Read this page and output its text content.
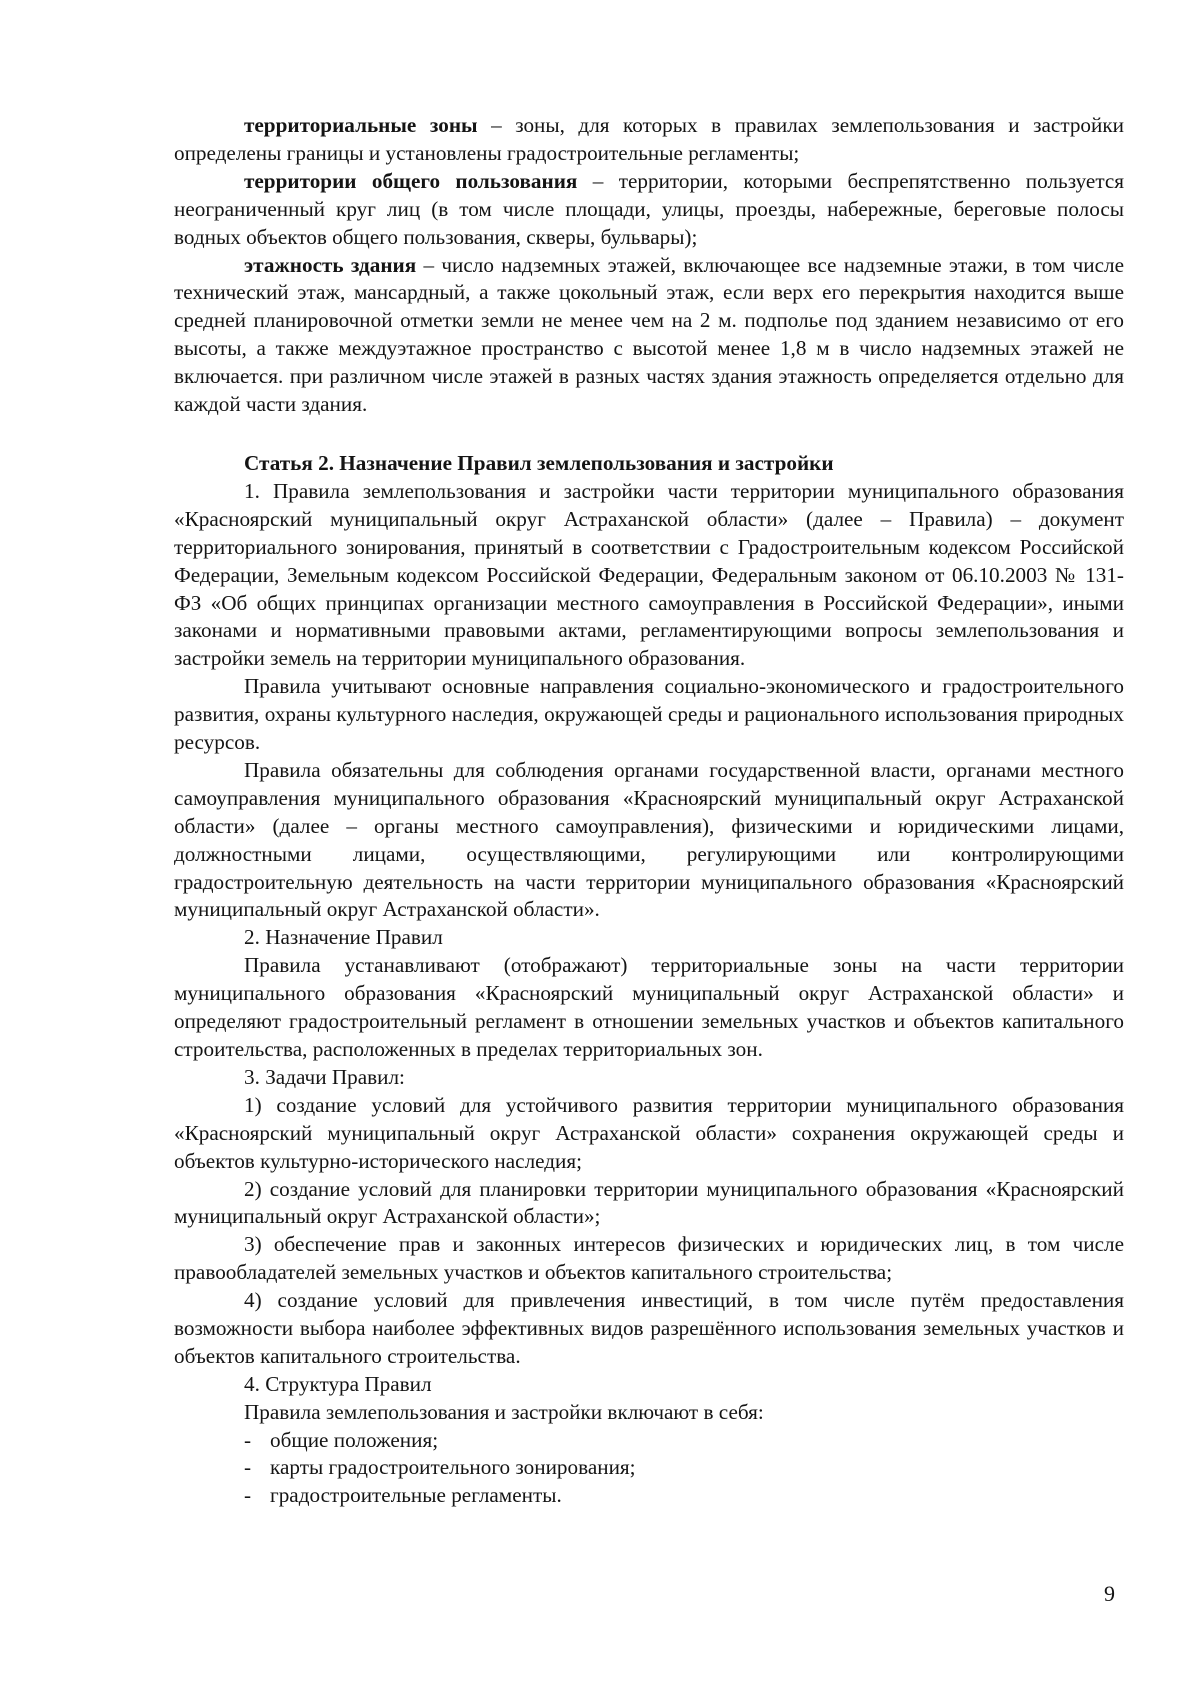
территориальные зоны – зоны, для которых в правилах землепользования и застройки определены границы и установлены градостроительные регламенты;

территории общего пользования – территории, которыми беспрепятственно пользуется неограниченный круг лиц (в том числе площади, улицы, проезды, набережные, береговые полосы водных объектов общего пользования, скверы, бульвары);

этажность здания – число надземных этажей, включающее все надземные этажи, в том числе технический этаж, мансардный, а также цокольный этаж, если верх его перекрытия находится выше средней планировочной отметки земли не менее чем на 2 м. подполье под зданием независимо от его высоты, а также междуэтажное пространство с высотой менее 1,8 м в число надземных этажей не включается. при различном числе этажей в разных частях здания этажность определяется отдельно для каждой части здания.

Статья 2. Назначение Правил землепользования и застройки

1. Правила землепользования и застройки части территории муниципального образования «Красноярский муниципальный округ Астраханской области» (далее – Правила) – документ территориального зонирования, принятый в соответствии с Градостроительным кодексом Российской Федерации, Земельным кодексом Российской Федерации, Федеральным законом от 06.10.2003 № 131-ФЗ «Об общих принципах организации местного самоуправления в Российской Федерации», иными законами и нормативными правовыми актами, регламентирующими вопросы землепользования и застройки земель на территории муниципального образования.

Правила учитывают основные направления социально-экономического и градостроительного развития, охраны культурного наследия, окружающей среды и рационального использования природных ресурсов.

Правила обязательны для соблюдения органами государственной власти, органами местного самоуправления муниципального образования «Красноярский муниципальный округ Астраханской области» (далее – органы местного самоуправления), физическими и юридическими лицами, должностными лицами, осуществляющими, регулирующими или контролирующими градостроительную деятельность на части территории муниципального образования «Красноярский муниципальный округ Астраханской области».

2. Назначение Правил

Правила устанавливают (отображают) территориальные зоны на части территории муниципального образования «Красноярский муниципальный округ Астраханской области» и определяют градостроительный регламент в отношении земельных участков и объектов капитального строительства, расположенных в пределах территориальных зон.

3. Задачи Правил:

1) создание условий для устойчивого развития территории муниципального образования «Красноярский муниципальный округ Астраханской области» сохранения окружающей среды и объектов культурно-исторического наследия;

2) создание условий для планировки территории муниципального образования «Красноярский муниципальный округ Астраханской области»;

3) обеспечение прав и законных интересов физических и юридических лиц, в том числе правообладателей земельных участков и объектов капитального строительства;

4) создание условий для привлечения инвестиций, в том числе путём предоставления возможности выбора наиболее эффективных видов разрешённого использования земельных участков и объектов капитального строительства.

4. Структура Правил

Правила землепользования и застройки включают в себя:

- общие положения;
- карты градостроительного зонирования;
- градостроительные регламенты.
9
